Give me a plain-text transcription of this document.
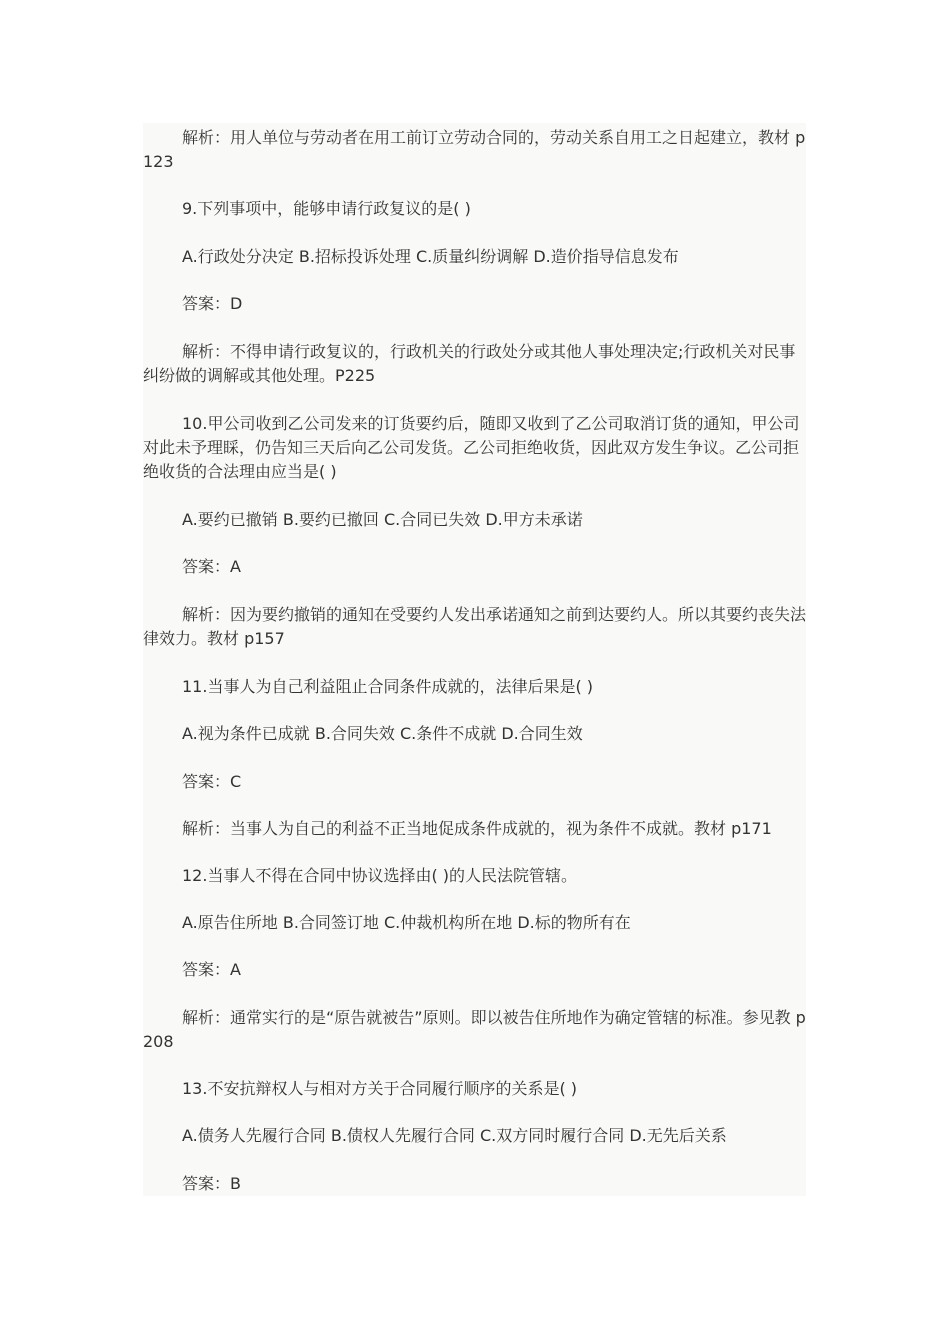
解析：用人单位与劳动者在用工前订立劳动合同的，劳动关系自用工之日起建立，教材 p123

9.下列事项中，能够申请行政复议的是( )

A.行政处分决定 B.招标投诉处理 C.质量纠纷调解 D.造价指导信息发布

答案：D

解析：不得申请行政复议的，行政机关的行政处分或其他人事处理决定;行政机关对民事纠纷做的调解或其他处理。P225

10.甲公司收到乙公司发来的订货要约后，随即又收到了乙公司取消订货的通知，甲公司对此未予理睬，仍告知三天后向乙公司发货。乙公司拒绝收货，因此双方发生争议。乙公司拒绝收货的合法理由应当是( )

A.要约已撤销 B.要约已撤回 C.合同已失效 D.甲方未承诺

答案：A

解析：因为要约撤销的通知在受要约人发出承诺通知之前到达要约人。所以其要约丧失法律效力。教材 p157

11.当事人为自己利益阻止合同条件成就的，法律后果是( )

A.视为条件已成就 B.合同失效 C.条件不成就 D.合同生效

答案：C

解析：当事人为自己的利益不正当地促成条件成就的，视为条件不成就。教材 p171

12.当事人不得在合同中协议选择由( )的人民法院管辖。

A.原告住所地 B.合同签订地 C.仲裁机构所在地 D.标的物所有在

答案：A

解析：通常实行的是“原告就被告”原则。即以被告住所地作为确定管辖的标准。参见教 p208

13.不安抗辩权人与相对方关于合同履行顺序的关系是( )

A.债务人先履行合同 B.债权人先履行合同 C.双方同时履行合同 D.无先后关系

答案：B
